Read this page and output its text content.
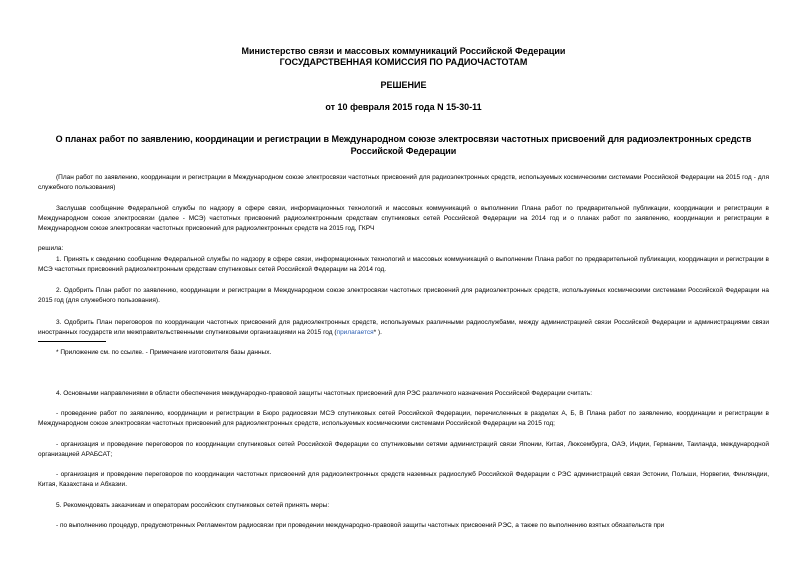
Министерство связи и массовых коммуникаций Российской Федерации
ГОСУДАРСТВЕННАЯ КОМИССИЯ ПО РАДИОЧАСТОТАМ
РЕШЕНИЕ
от 10 февраля 2015 года N 15-30-11
О планах работ по заявлению, координации и регистрации в Международном союзе электросвязи частотных присвоений для радиоэлектронных средств Российской Федерации
(План работ по заявлению, координации и регистрации в Международном союзе электросвязи частотных присвоений для радиоэлектронных средств, используемых космическими системами Российской Федерации на 2015 год - для служебного пользования)
Заслушав сообщение Федеральной службы по надзору в сфере связи, информационных технологий и массовых коммуникаций о выполнении Плана работ по предварительной публикации, координации и регистрации в Международном союзе электросвязи (далее - МСЭ) частотных присвоений радиоэлектронным средствам спутниковых сетей Российской Федерации на 2014 год и о планах работ по заявлению, координации и регистрации в Международном союзе электросвязи частотных присвоений для радиоэлектронных средств на 2015 год, ГКРЧ
решила:
1. Принять к сведению сообщение Федеральной службы по надзору в сфере связи, информационных технологий и массовых коммуникаций о выполнении Плана работ по предварительной публикации, координации и регистрации в МСЭ частотных присвоений радиоэлектронным средствам спутниковых сетей Российской Федерации на 2014 год.
2. Одобрить План работ по заявлению, координации и регистрации в Международном союзе электросвязи частотных присвоений для радиоэлектронных средств, используемых космическими системами Российской Федерации на 2015 год (для служебного пользования).
3. Одобрить План переговоров по координации частотных присвоений для радиоэлектронных средств, используемых различными радиослужбами, между администрацией связи Российской Федерации и администрациями связи иностранных государств или межправительственными спутниковыми организациями на 2015 год (прилагается* ).
* Приложение см. по ссылке. - Примечание изготовителя базы данных.
4. Основными направлениями в области обеспечения международно-правовой защиты частотных присвоений для РЭС различного назначения Российской Федерации считать:
- проведение работ по заявлению, координации и регистрации в Бюро радиосвязи МСЭ спутниковых сетей Российской Федерации, перечисленных в разделах А, Б, В Плана работ по заявлению, координации и регистрации в Международном союзе электросвязи частотных присвоений для радиоэлектронных средств, используемых космическими системами Российской Федерации на 2015 год;
- организация и проведение переговоров по координации спутниковых сетей Российской Федерации со спутниковыми сетями администраций связи Японии, Китая, Люксембурга, ОАЭ, Индии, Германии, Таиланда, международной организацией АРАБСАТ;
- организация и проведение переговоров по координации частотных присвоений для радиоэлектронных средств наземных радиослужб Российской Федерации с РЭС администраций связи Эстонии, Польши, Норвегии, Финляндии, Китая, Казахстана и Абхазии.
5. Рекомендовать заказчикам и операторам российских спутниковых сетей принять меры:
- по выполнению процедур, предусмотренных Регламентом радиосвязи при проведении международно-правовой защиты частотных присвоений РЭС, а также по выполнению взятых обязательств при
